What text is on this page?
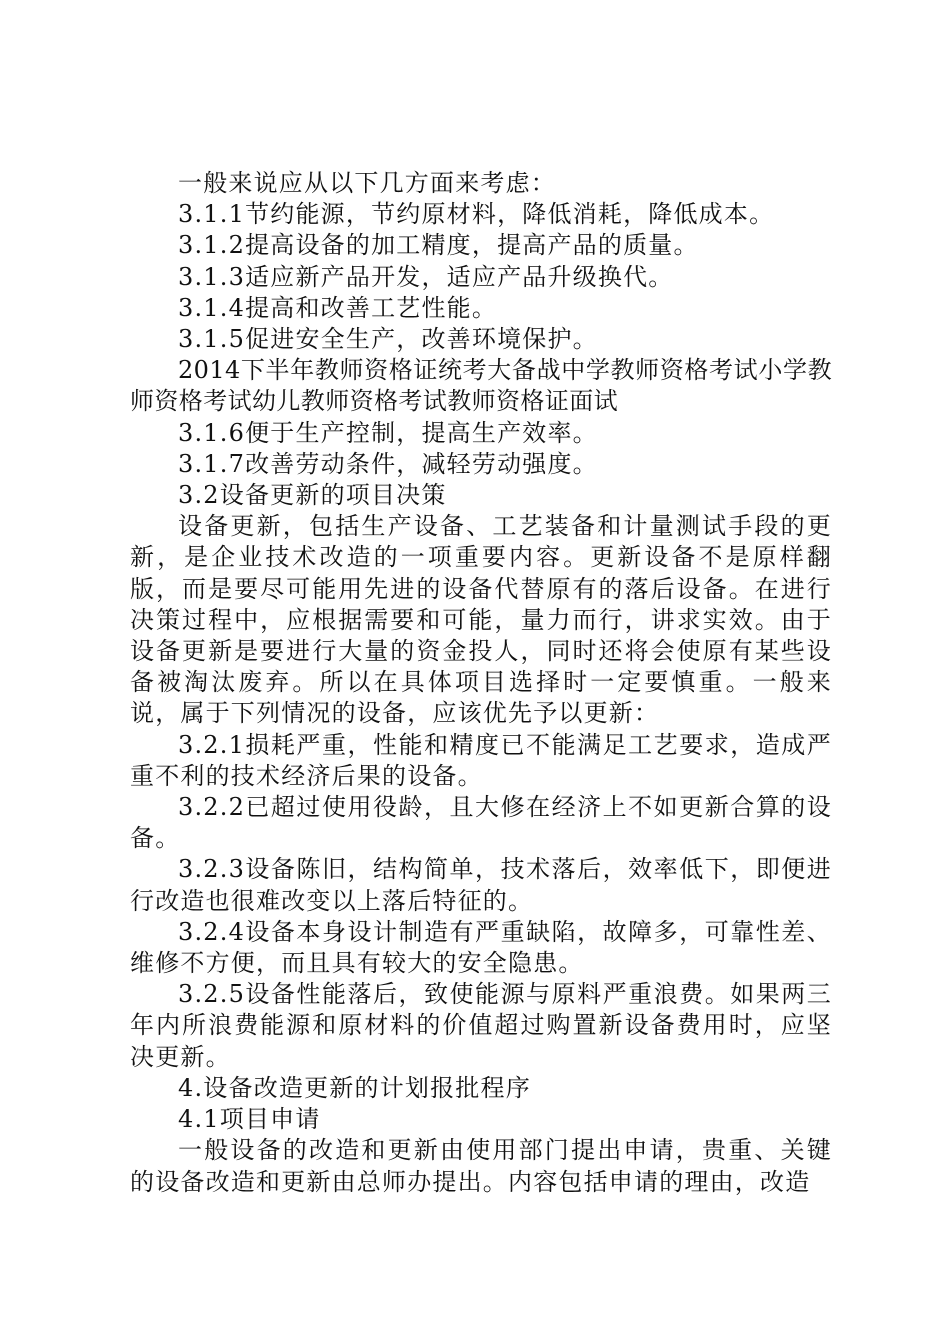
一般来说应从以下几方面来考虑：

3.1.1节约能源，节约原材料，降低消耗，降低成本。

3.1.2提高设备的加工精度，提高产品的质量。

3.1.3适应新产品开发，适应产品升级换代。

3.1.4提高和改善工艺性能。

3.1.5促进安全生产，改善环境保护。

2014下半年教师资格证统考大备战中学教师资格考试小学教师资格考试幼儿教师资格考试教师资格证面试

3.1.6便于生产控制，提高生产效率。

3.1.7改善劳动条件，减轻劳动强度。

3.2设备更新的项目决策

设备更新，包括生产设备、工艺装备和计量测试手段的更新，是企业技术改造的一项重要内容。更新设备不是原样翻版，而是要尽可能用先进的设备代替原有的落后设备。在进行决策过程中，应根据需要和可能，量力而行，讲求实效。由于设备更新是要进行大量的资金投人，同时还将会使原有某些设备被淘汰废弃。所以在具体项目选择时一定要慎重。一般来说，属于下列情况的设备，应该优先予以更新：

3.2.1损耗严重，性能和精度已不能满足工艺要求，造成严重不利的技术经济后果的设备。

3.2.2已超过使用役龄，且大修在经济上不如更新合算的设备。

3.2.3设备陈旧，结构简单，技术落后，效率低下，即便进行改造也很难改变以上落后特征的。

3.2.4设备本身设计制造有严重缺陷，故障多，可靠性差、维修不方便，而且具有较大的安全隐患。

3.2.5设备性能落后，致使能源与原料严重浪费。如果两三年内所浪费能源和原材料的价值超过购置新设备费用时，应坚决更新。

4.设备改造更新的计划报批程序

4.1项目申请

一般设备的改造和更新由使用部门提出申请，贵重、关键的设备改造和更新由总师办提出。内容包括申请的理由，改造
